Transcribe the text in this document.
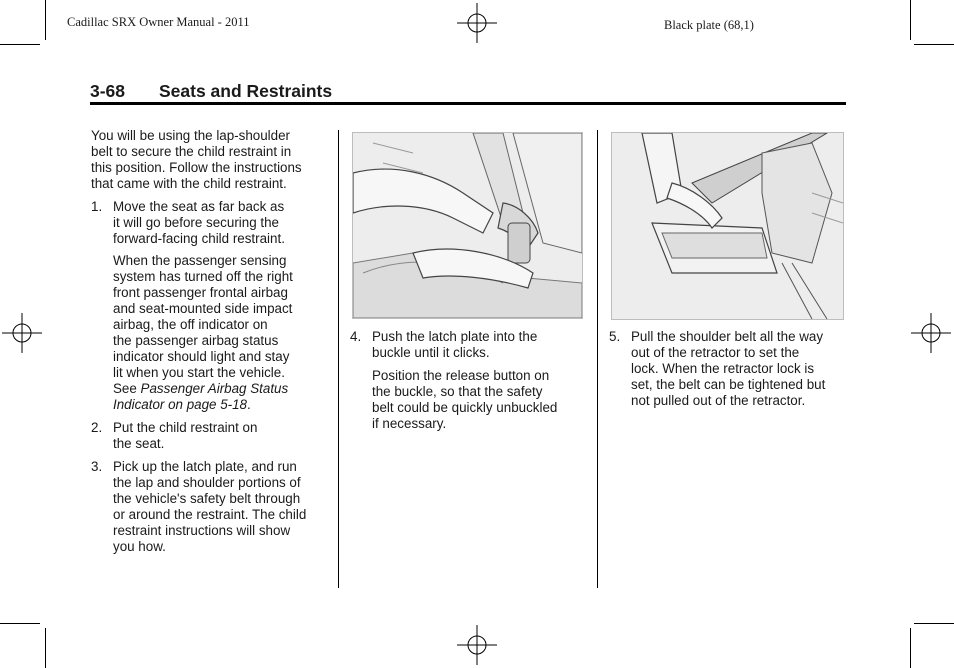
Cadillac SRX Owner Manual - 2011	Black plate (68,1)
3-68 Seats and Restraints
You will be using the lap-shoulder
belt to secure the child restraint in
this position. Follow the instructions
that came with the child restraint.
1. Move the seat as far back as
it will go before securing the
forward-facing child restraint.
When the passenger sensing
system has turned off the right
front passenger frontal airbag
and seat-mounted side impact
airbag, the off indicator on
the passenger airbag status
indicator should light and stay
lit when you start the vehicle.
See Passenger Airbag Status
Indicator on page 5-18.
2. Put the child restraint on
the seat.
3. Pick up the latch plate, and run
the lap and shoulder portions of
the vehicle's safety belt through
or around the restraint. The child
restraint instructions will show
you how.
4. Push the latch plate into the
buckle until it clicks.
Position the release button on
the buckle, so that the safety
belt could be quickly unbuckled
if necessary.
5. Pull the shoulder belt all the way
out of the retractor to set the
lock. When the retractor lock is
set, the belt can be tightened but
not pulled out of the retractor.
